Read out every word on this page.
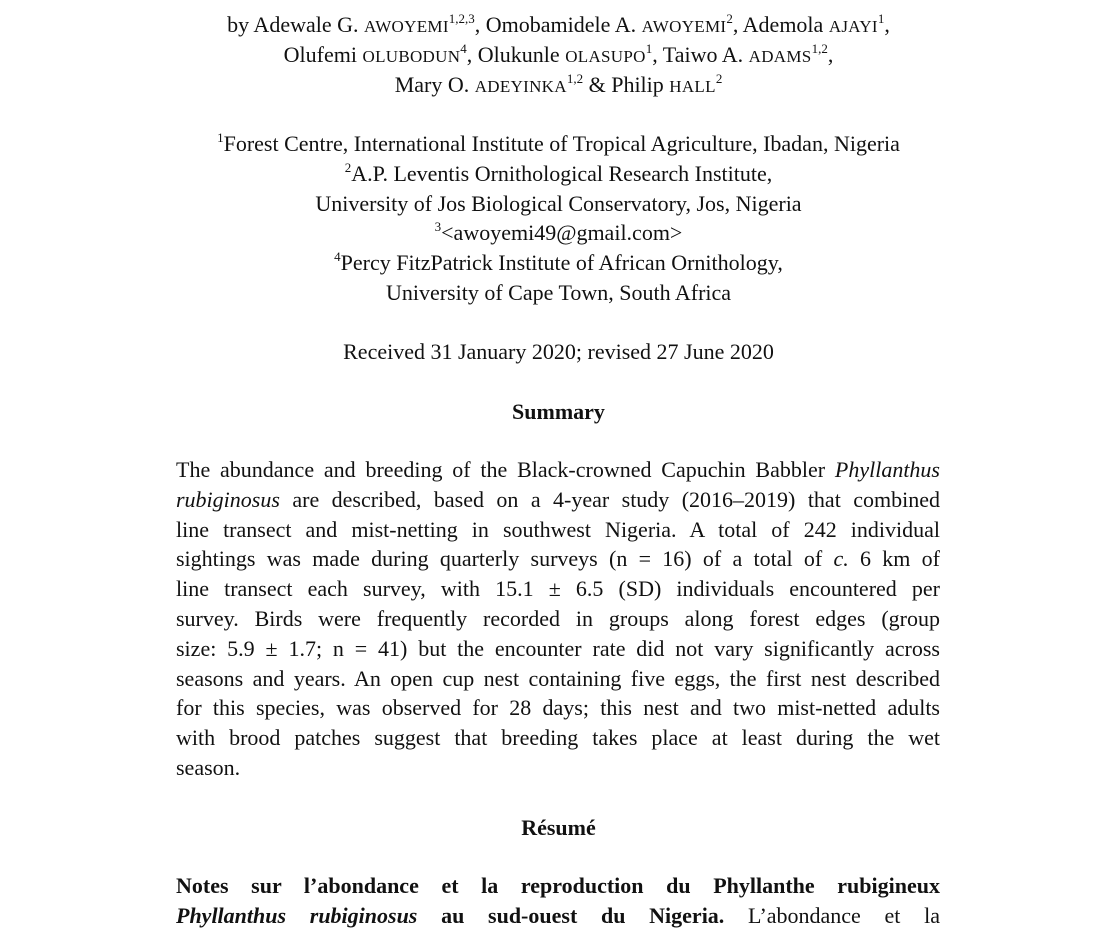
by Adewale G. AWOYEMI$^{1,2,3}$, Omobamidele A. AWOYEMI$^2$, Ademola AJAYI$^1$,
Olufemi OLUBODUN$^4$, Olukunle OLASUPO$^1$, Taiwo A. ADAMS$^{1,2}$,
Mary O. ADEYINKA$^{1,2}$ & Philip HALL$^2$
$^1$Forest Centre, International Institute of Tropical Agriculture, Ibadan, Nigeria
$^2$A.P. Leventis Ornithological Research Institute,
University of Jos Biological Conservatory, Jos, Nigeria
$^3$<awoyemi49@gmail.com>
$^4$Percy FitzPatrick Institute of African Ornithology,
University of Cape Town, South Africa
Received 31 January 2020; revised 27 June 2020
Summary
The abundance and breeding of the Black-crowned Capuchin Babbler Phyllanthus
rubiginosus are described, based on a 4-year study (2016–2019) that combined
line transect and mist-netting in southwest Nigeria. A total of 242 individual
sightings was made during quarterly surveys (n = 16) of a total of c. 6 km of
line transect each survey, with 15.1 ± 6.5 (SD) individuals encountered per
survey. Birds were frequently recorded in groups along forest edges (group
size: 5.9 ± 1.7; n = 41) but the encounter rate did not vary significantly across
seasons and years. An open cup nest containing five eggs, the first nest described
for this species, was observed for 28 days; this nest and two mist-netted adults
with brood patches suggest that breeding takes place at least during the wet
season.
Résumé
Notes sur l’abondance et la reproduction du Phyllanthe rubigineux
Phyllanthus rubiginosus au sud-ouest du Nigeria. L’abondance et la
